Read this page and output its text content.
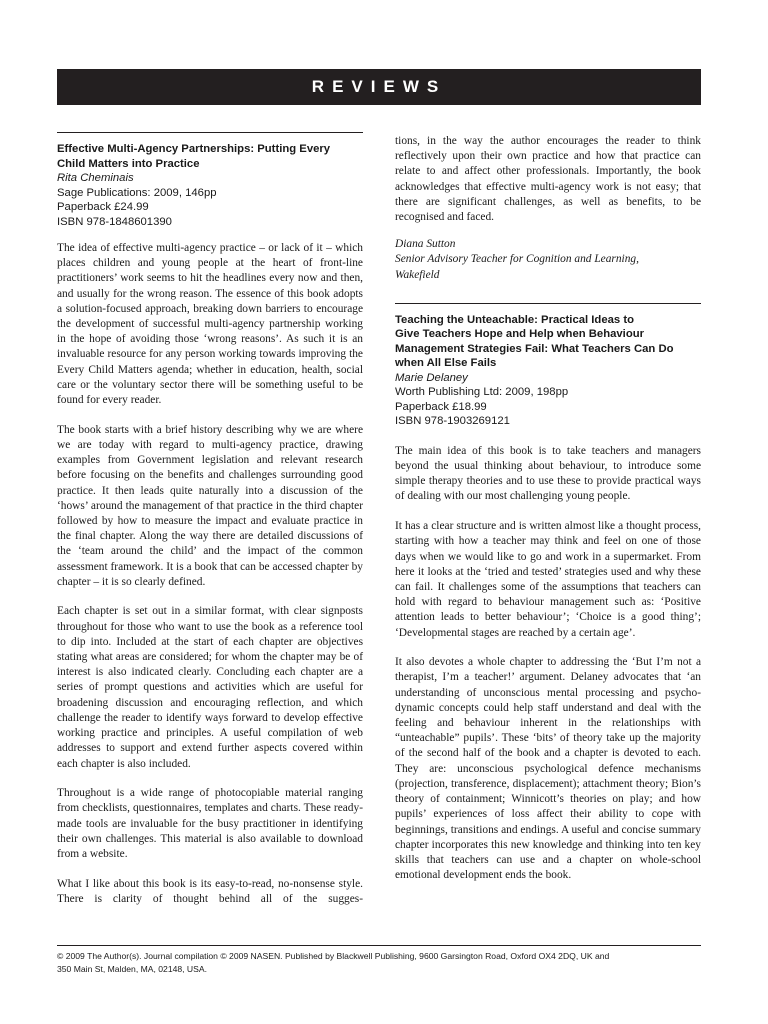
REVIEWS
Effective Multi-Agency Partnerships: Putting Every
Child Matters into Practice
Rita Cheminais
Sage Publications: 2009, 146pp
Paperback £24.99
ISBN 978-1848601390

The idea of effective multi-agency practice – or lack of it – which places children and young people at the heart of front-line practitioners’ work seems to hit the headlines every now and then, and usually for the wrong reason. The essence of this book adopts a solution-focused approach, breaking down barriers to encourage the development of successful multi-agency partnership working in the hope of avoiding those ‘wrong reasons’. As such it is an invaluable resource for any person working towards improving the Every Child Matters agenda; whether in education, health, social care or the voluntary sector there will be something useful to be found for every reader.

The book starts with a brief history describing why we are where we are today with regard to multi-agency practice, drawing examples from Government legislation and relevant research before focusing on the benefits and challenges surrounding good practice. It then leads quite naturally into a discussion of the ‘hows’ around the management of that practice in the third chapter followed by how to measure the impact and evaluate practice in the final chapter. Along the way there are detailed discussions of the ‘team around the child’ and the impact of the common assessment framework. It is a book that can be accessed chapter by chapter – it is so clearly defined.

Each chapter is set out in a similar format, with clear signposts throughout for those who want to use the book as a reference tool to dip into. Included at the start of each chapter are objectives stating what areas are considered; for whom the chapter may be of interest is also indicated clearly. Concluding each chapter are a series of prompt questions and activities which are useful for broadening discussion and encouraging reflection, and which challenge the reader to identify ways forward to develop effective working practice and principles. A useful compilation of web addresses to support and extend further aspects covered within each chapter is also included.

Throughout is a wide range of photocopiable material ranging from checklists, questionnaires, templates and charts. These ready-made tools are invaluable for the busy practitioner in identifying their own challenges. This material is also available to download from a website.

What I like about this book is its easy-to-read, no-nonsense style. There is clarity of thought behind all of the sugges-

tions, in the way the author encourages the reader to think reflectively upon their own practice and how that practice can relate to and affect other professionals. Importantly, the book acknowledges that effective multi-agency work is not easy; that there are significant challenges, as well as benefits, to be recognised and faced.

Diana Sutton
Senior Advisory Teacher for Cognition and Learning,
Wakefield
Teaching the Unteachable: Practical Ideas to
Give Teachers Hope and Help when Behaviour
Management Strategies Fail: What Teachers Can Do
when All Else Fails
Marie Delaney
Worth Publishing Ltd: 2009, 198pp
Paperback £18.99
ISBN 978-1903269121

The main idea of this book is to take teachers and managers beyond the usual thinking about behaviour, to introduce some simple therapy theories and to use these to provide practical ways of dealing with our most challenging young people.

It has a clear structure and is written almost like a thought process, starting with how a teacher may think and feel on one of those days when we would like to go and work in a supermarket. From here it looks at the ‘tried and tested’ strategies used and why these can fail. It challenges some of the assumptions that teachers can hold with regard to behaviour management such as: ‘Positive attention leads to better behaviour’; ‘Choice is a good thing’; ‘Developmental stages are reached by a certain age’.

It also devotes a whole chapter to addressing the ‘But I’m not a therapist, I’m a teacher!’ argument. Delaney advocates that ‘an understanding of unconscious mental processing and psycho-dynamic concepts could help staff understand and deal with the feeling and behaviour inherent in the relationships with “unteachable” pupils’. These ‘bits’ of theory take up the majority of the second half of the book and a chapter is devoted to each. They are: unconscious psychological defence mechanisms (projection, transference, displacement); attachment theory; Bion’s theory of containment; Winnicott’s theories on play; and how pupils’ experiences of loss affect their ability to cope with beginnings, transitions and endings. A useful and concise summary chapter incorporates this new knowledge and thinking into ten key skills that teachers can use and a chapter on whole-school emotional development ends the book.

© 2009 The Author(s). Journal compilation © 2009 NASEN. Published by Blackwell Publishing, 9600 Garsington Road, Oxford OX4 2DQ, UK and
350 Main St, Malden, MA, 02148, USA.
